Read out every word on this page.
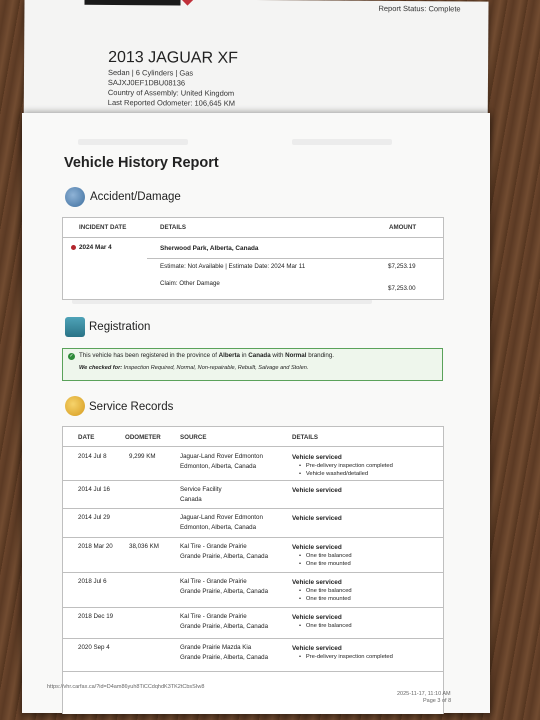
Report Status: Complete
2013 JAGUAR XF
Sedan | 6 Cylinders | Gas
SAJXJ0EF1DBU08136
Country of Assembly: United Kingdom
Last Reported Odometer: 106,645 KM
Vehicle History Report
Accident/Damage
INCIDENT DATE	DETAILS	AMOUNT
2024 Mar 4	Sherwood Park, Alberta, Canada
Estimate: Not Available | Estimate Date: 2024 Mar 11	$7,253.19
Claim: Other Damage
$7,253.00
Registration
✓ This vehicle has been registered in the province of Alberta in Canada with Normal branding.
We checked for: Inspection Required, Normal, Non-repairable, Rebuilt, Salvage and Stolen.
Service Records
DATE	ODOMETER	SOURCE	DETAILS
2014 Jul 8	9,299 KM	Jaguar-Land Rover Edmonton
Edmonton, Alberta, Canada
Vehicle serviced
•   Pre-delivery inspection completed
•   Vehicle washed/detailed
2014 Jul 16	Service Facility
Canada
Vehicle serviced
2014 Jul 29	Jaguar-Land Rover Edmonton
Edmonton, Alberta, Canada
Vehicle serviced
2018 Mar 20	38,036 KM	Kal Tire - Grande Prairie
Grande Prairie, Alberta, Canada
Vehicle serviced
•   One tire balanced
•   One tire mounted
2018 Jul 6	Kal Tire - Grande Prairie
Grande Prairie, Alberta, Canada
Vehicle serviced
•   One tire balanced
•   One tire mounted
2018 Dec 19	Kal Tire - Grande Prairie
Grande Prairie, Alberta, Canada
Vehicle serviced
•   One tire balanced
2020 Sep 4	Grande Prairie Mazda Kia
Grande Prairie, Alberta, Canada
Vehicle serviced
•   Pre-delivery inspection completed
https://vhr.carfax.ca/?id=D4am86yuh8TiCCdqhdK3TK2tCbsSIw8
2025-11-17, 11:10 AM
Page 3 of 8
